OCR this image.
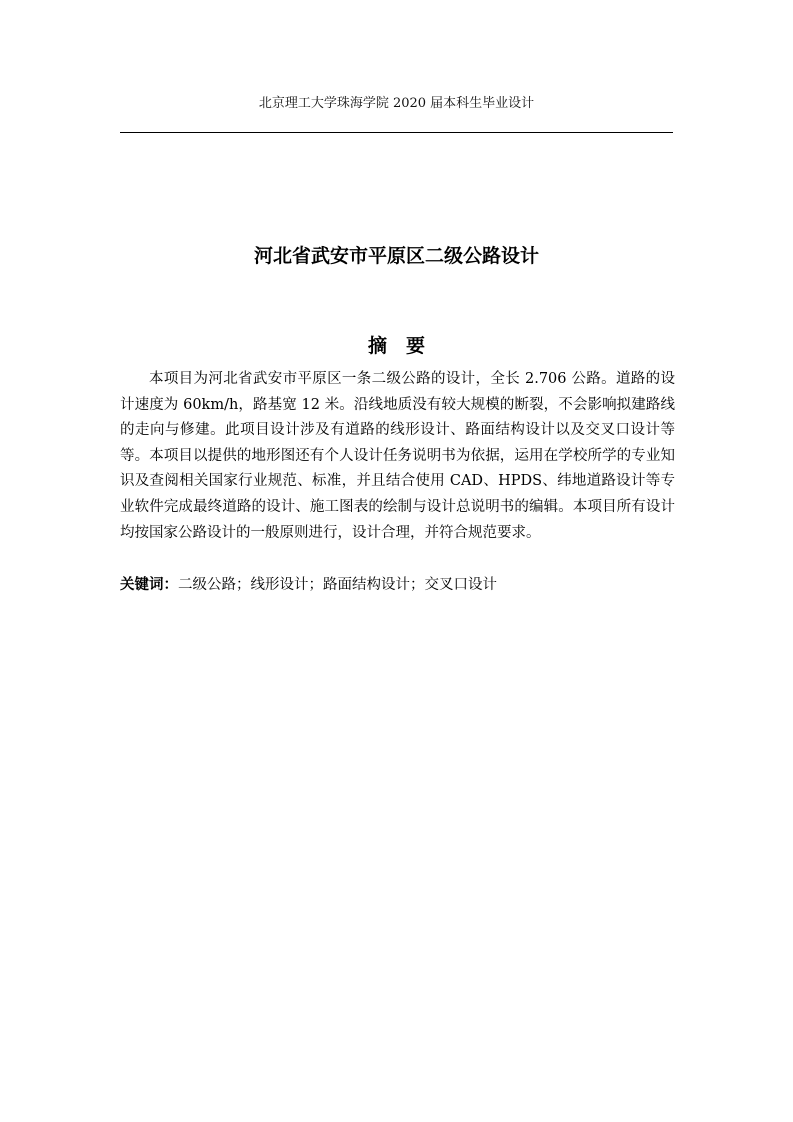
北京理工大学珠海学院 2020 届本科生毕业设计
河北省武安市平原区二级公路设计
摘　要

本项目为河北省武安市平原区一条二级公路的设计，全长 2.706 公路。道路的设计速度为 60km/h，路基宽 12 米。沿线地质没有较大规模的断裂，不会影响拟建路线的走向与修建。此项目设计涉及有道路的线形设计、路面结构设计以及交叉口设计等等。本项目以提供的地形图还有个人设计任务说明书为依据，运用在学校所学的专业知识及查阅相关国家行业规范、标准，并且结合使用 CAD、HPDS、纬地道路设计等专业软件完成最终道路的设计、施工图表的绘制与设计总说明书的编辑。本项目所有设计均按国家公路设计的一般原则进行，设计合理，并符合规范要求。

关键词：二级公路；线形设计；路面结构设计；交叉口设计
